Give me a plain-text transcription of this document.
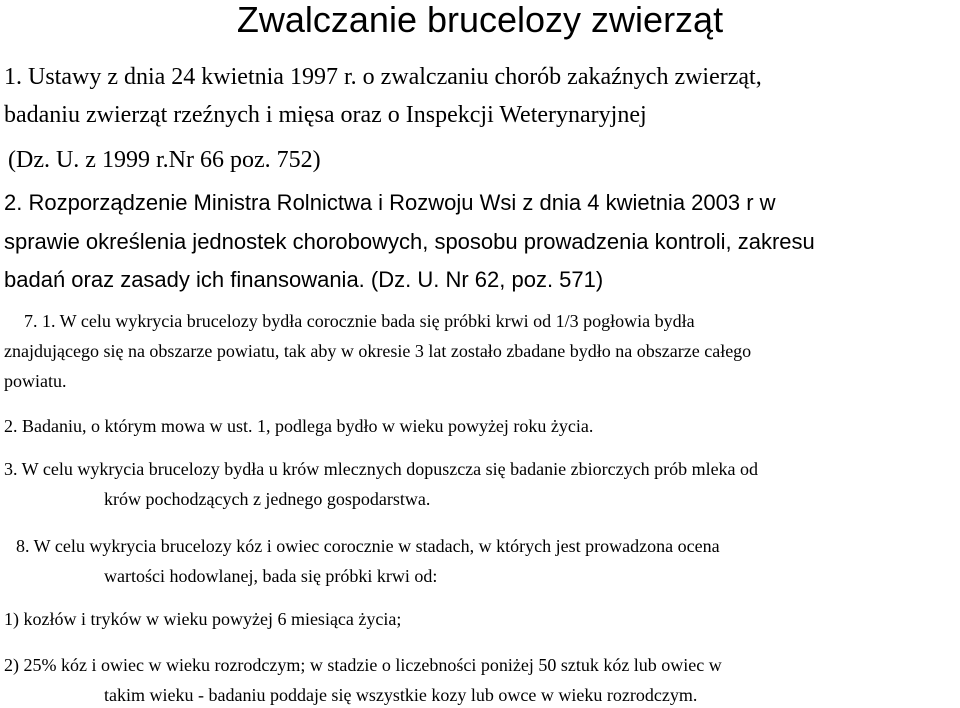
Zwalczanie brucelozy zwierząt
1. Ustawy z dnia 24 kwietnia 1997 r. o zwalczaniu chorób zakaźnych zwierząt,
badaniu zwierząt rzeźnych i mięsa oraz o Inspekcji Weterynaryjnej
(Dz. U. z 1999 r.Nr 66 poz. 752)
2. Rozporządzenie Ministra Rolnictwa i Rozwoju Wsi z dnia 4 kwietnia 2003 r w
sprawie określenia jednostek chorobowych, sposobu prowadzenia kontroli, zakresu
badań oraz zasady ich finansowania. (Dz. U. Nr 62, poz. 571)
7. 1. W celu wykrycia brucelozy bydła corocznie bada się próbki krwi od 1/3 pogłowia bydła
znajdującego się na obszarze powiatu, tak aby w okresie 3 lat zostało zbadane bydło na obszarze całego
powiatu.
2. Badaniu, o którym mowa w ust. 1, podlega bydło w wieku powyżej roku życia.
3. W celu wykrycia brucelozy bydła u krów mlecznych dopuszcza się badanie zbiorczych prób mleka od
krów pochodzących z jednego gospodarstwa.
8. W celu wykrycia brucelozy kóz i owiec corocznie w stadach, w których jest prowadzona ocena
wartości hodowlanej, bada się próbki krwi od:
1) kozłów i tryków w wieku powyżej 6 miesiąca życia;
2) 25% kóz i owiec w wieku rozrodczym; w stadzie o liczebności poniżej 50 sztuk kóz lub owiec w
takim wieku - badaniu poddaje się wszystkie kozy lub owce w wieku rozrodczym.
